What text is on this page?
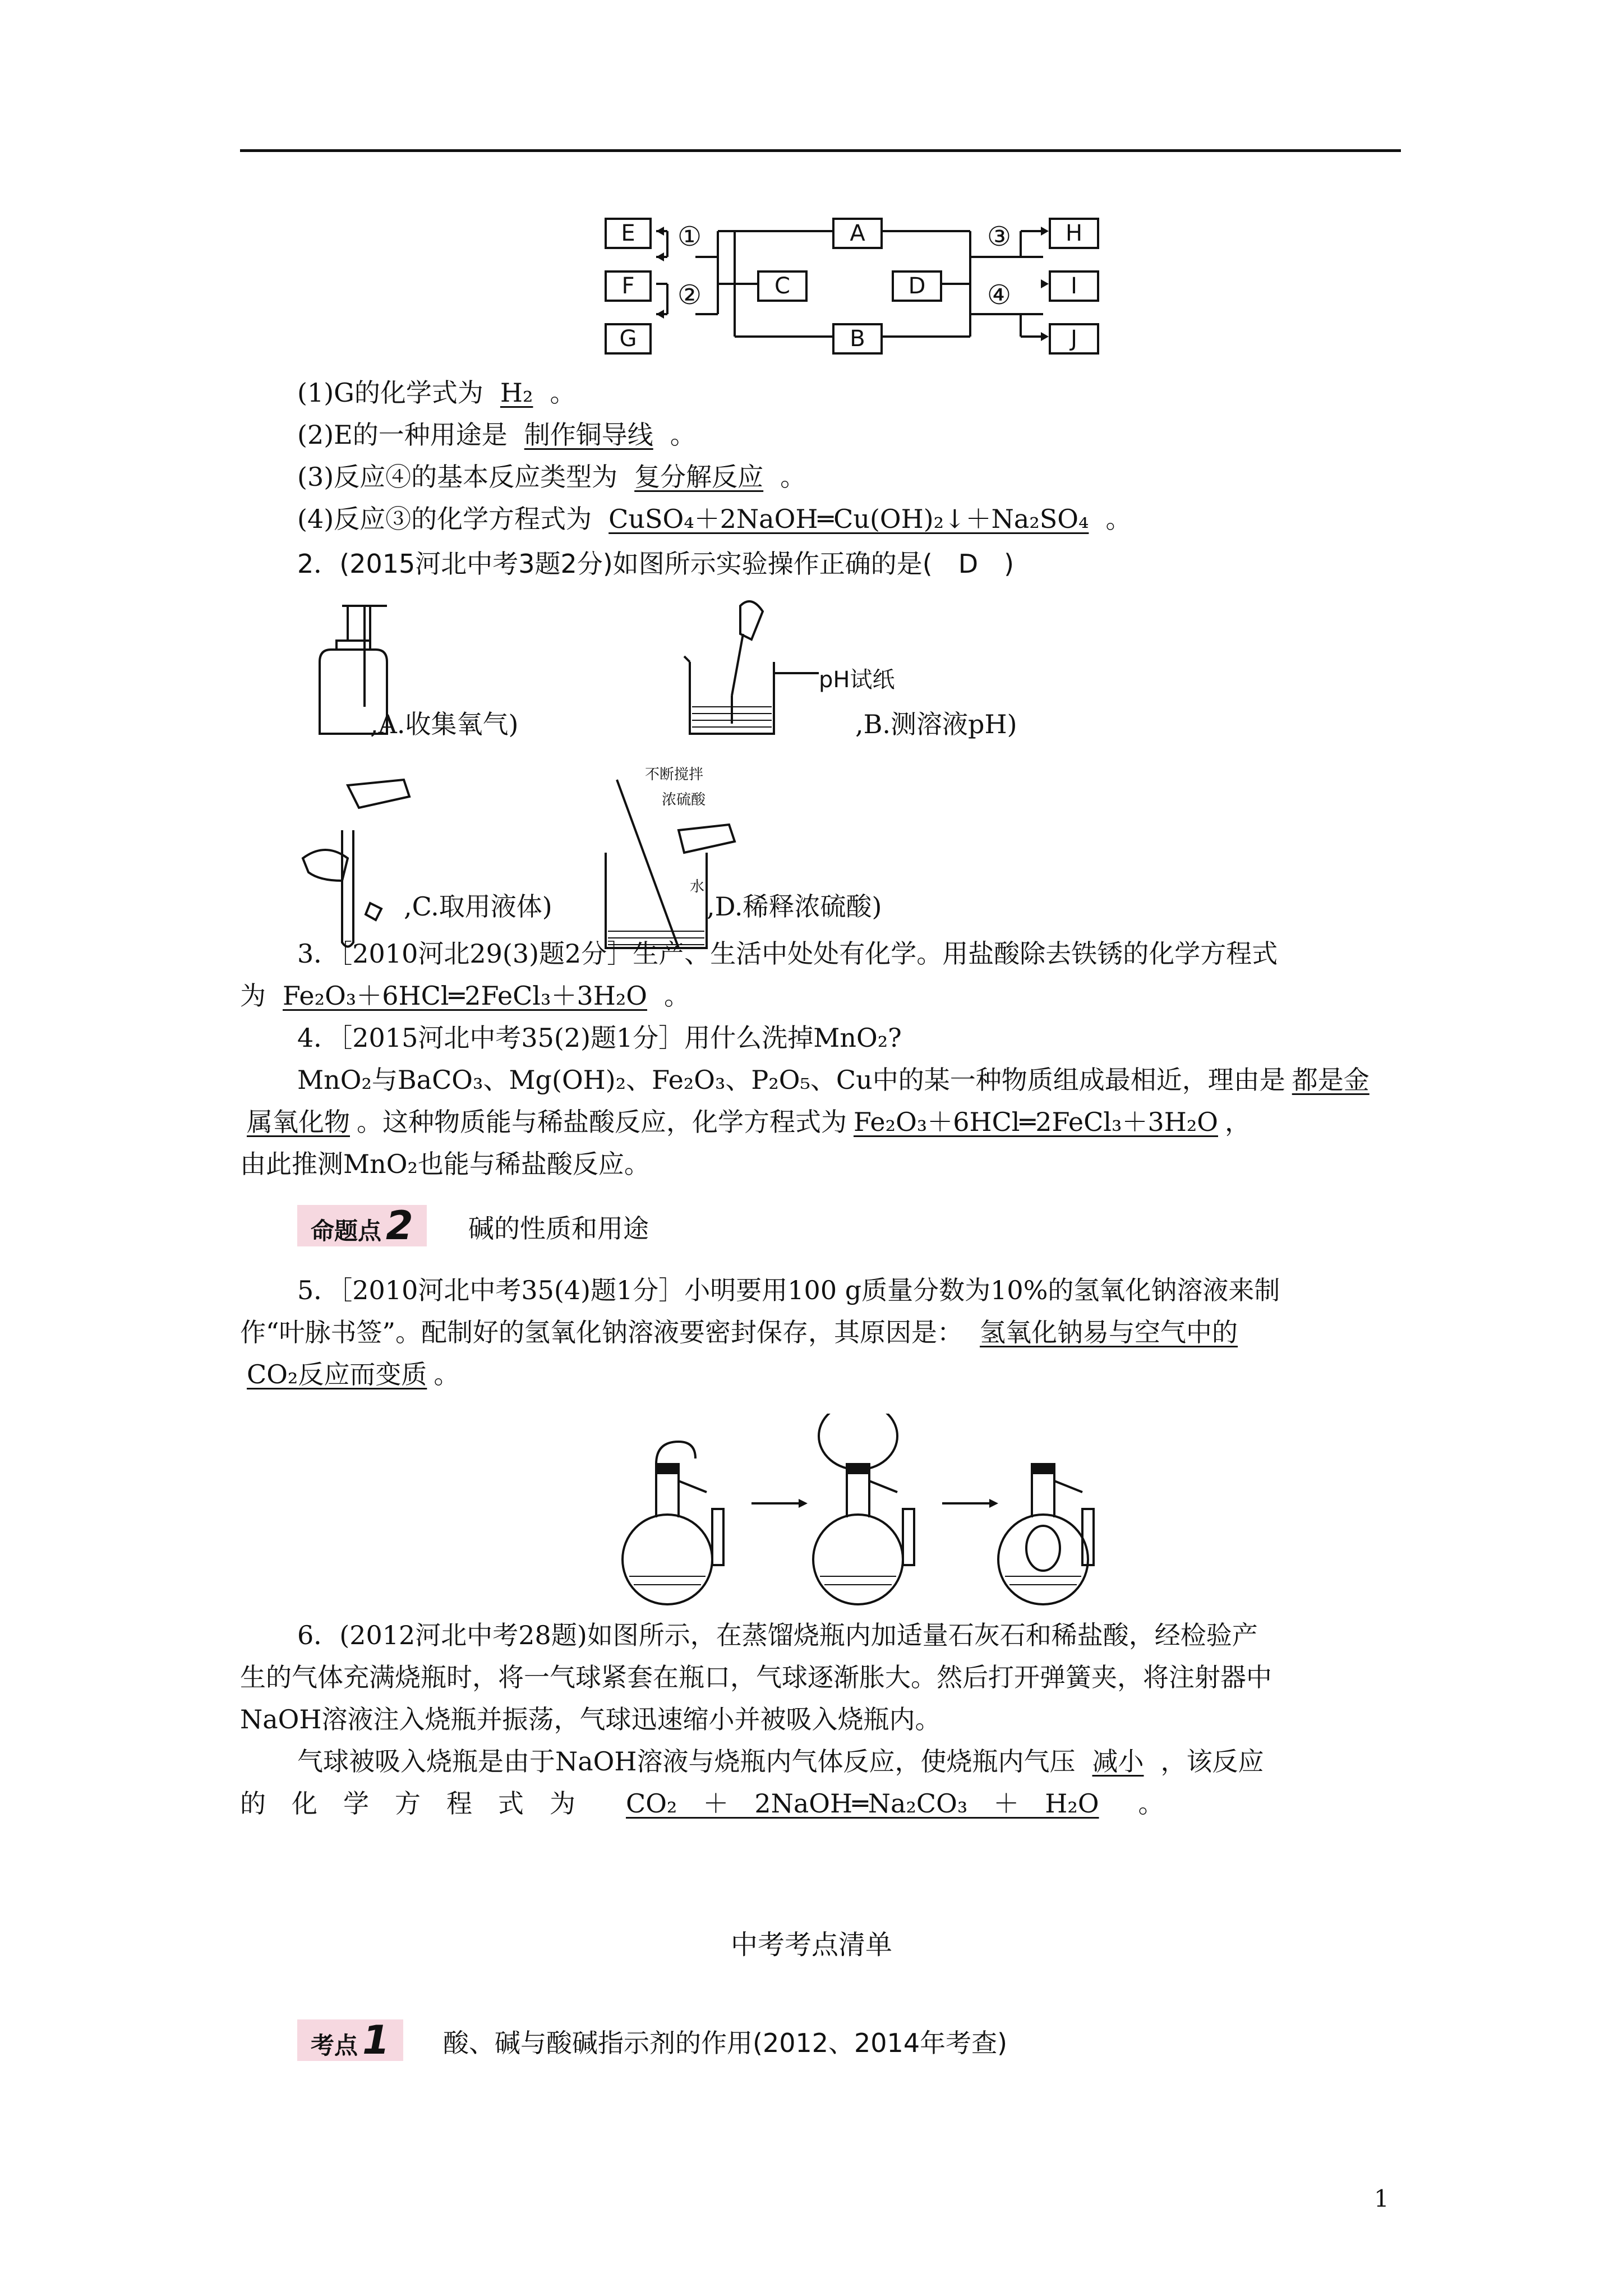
E
F
G
A
C
B
D
H
I
J
①
②
③
④
(1)G的化学式为 H₂ 。
(2)E的一种用途是 制作铜导线 。
(3)反应④的基本反应类型为 复分解反应 。
(4)反应③的化学方程式为 CuSO₄＋2NaOH═Cu(OH)₂↓＋Na₂SO₄ 。
2．(2015河北中考3题2分)如图所示实验操作正确的是(　D　)
,A.收集氧气)
pH试纸
,B.测溶液pH)
,C.取用液体)
不断搅拌
浓硫酸
水
,D.稀释浓硫酸)
3．［2010河北29(3)题2分］生产、生活中处处有化学。用盐酸除去铁锈的化学方程式
为 Fe₂O₃＋6HCl═2FeCl₃＋3H₂O 。
4．［2015河北中考35(2)题1分］用什么洗掉MnO₂?
MnO₂与BaCO₃、Mg(OH)₂、Fe₂O₃、P₂O₅、Cu中的某一种物质组成最相近，理由是 都是金
属氧化物 。这种物质能与稀盐酸反应，化学方程式为 Fe₂O₃＋6HCl═2FeCl₃＋3H₂O ，
由此推测MnO₂也能与稀盐酸反应。
命题点 2	碱的性质和用途
5．［2010河北中考35(4)题1分］小明要用100 g质量分数为10%的氢氧化钠溶液来制
作“叶脉书签”。配制好的氢氧化钠溶液要密封保存，其原因是： 氢氧化钠易与空气中的
CO₂反应而变质 。
6．(2012河北中考28题)如图所示，在蒸馏烧瓶内加适量石灰石和稀盐酸，经检验产
生的气体充满烧瓶时，将一气球紧套在瓶口，气球逐渐胀大。然后打开弹簧夹，将注射器中
NaOH溶液注入烧瓶并振荡，气球迅速缩小并被吸入烧瓶内。
气球被吸入烧瓶是由于NaOH溶液与烧瓶内气体反应，使烧瓶内气压 减小 ，该反应
的　化　学　方　程　式　为 CO₂　＋　2NaOH═Na₂CO₃　＋　H₂O 。
中考考点清单
考点 1	酸、碱与酸碱指示剂的作用(2012、2014年考查)
1
